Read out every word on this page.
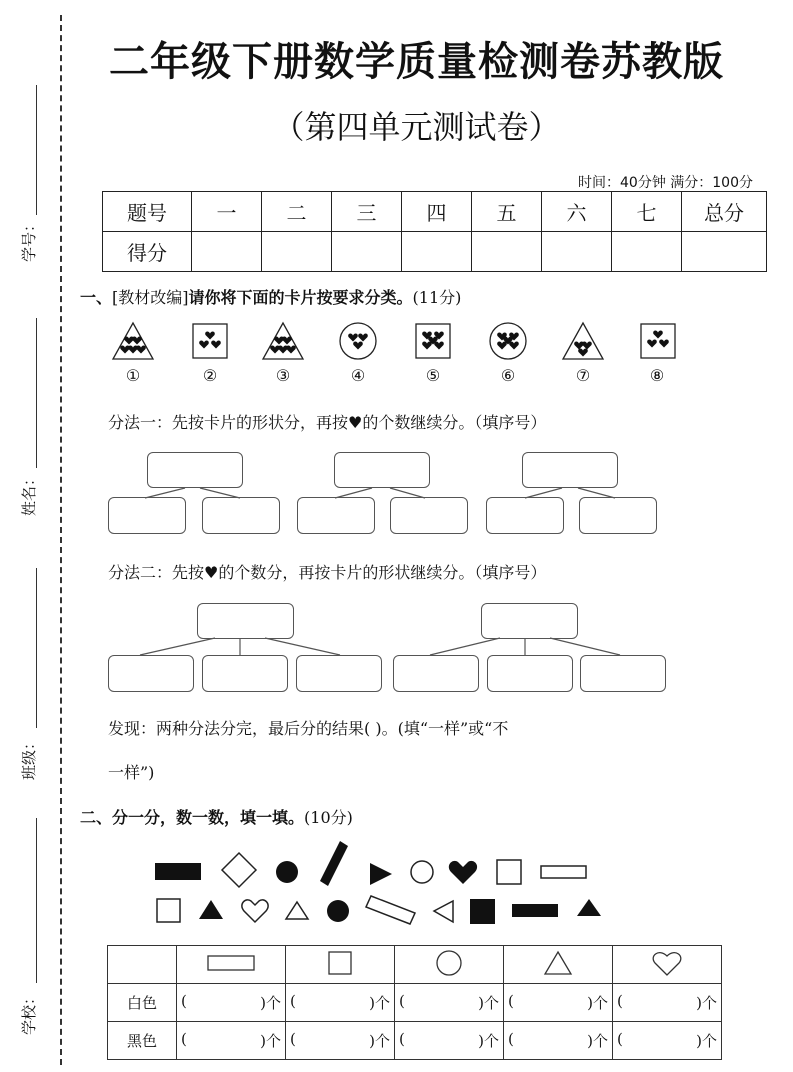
学号：
姓名：
班级：
学校：
二年级下册数学质量检测卷苏教版
（第四单元测试卷）
时间：40分钟 满分：100分
题号	一	二	三	四	五	六	七	总分
得分								
一、[教材改编]请你将下面的卡片按要求分类。(11分)
①	②	③	④	⑤	⑥	⑦	⑧
分法一：先按卡片的形状分，再按♥的个数继续分。（填序号）
分法二：先按♥的个数分，再按卡片的形状继续分。（填序号）
发现：两种分法分完，最后分的结果( )。(填“一样”或“不
一样”)
二、分一分，数一数，填一填。(10分)

白色	( )个	( )个	( )个	( )个	( )个

黑色	( )个	( )个	( )个	( )个	( )个
